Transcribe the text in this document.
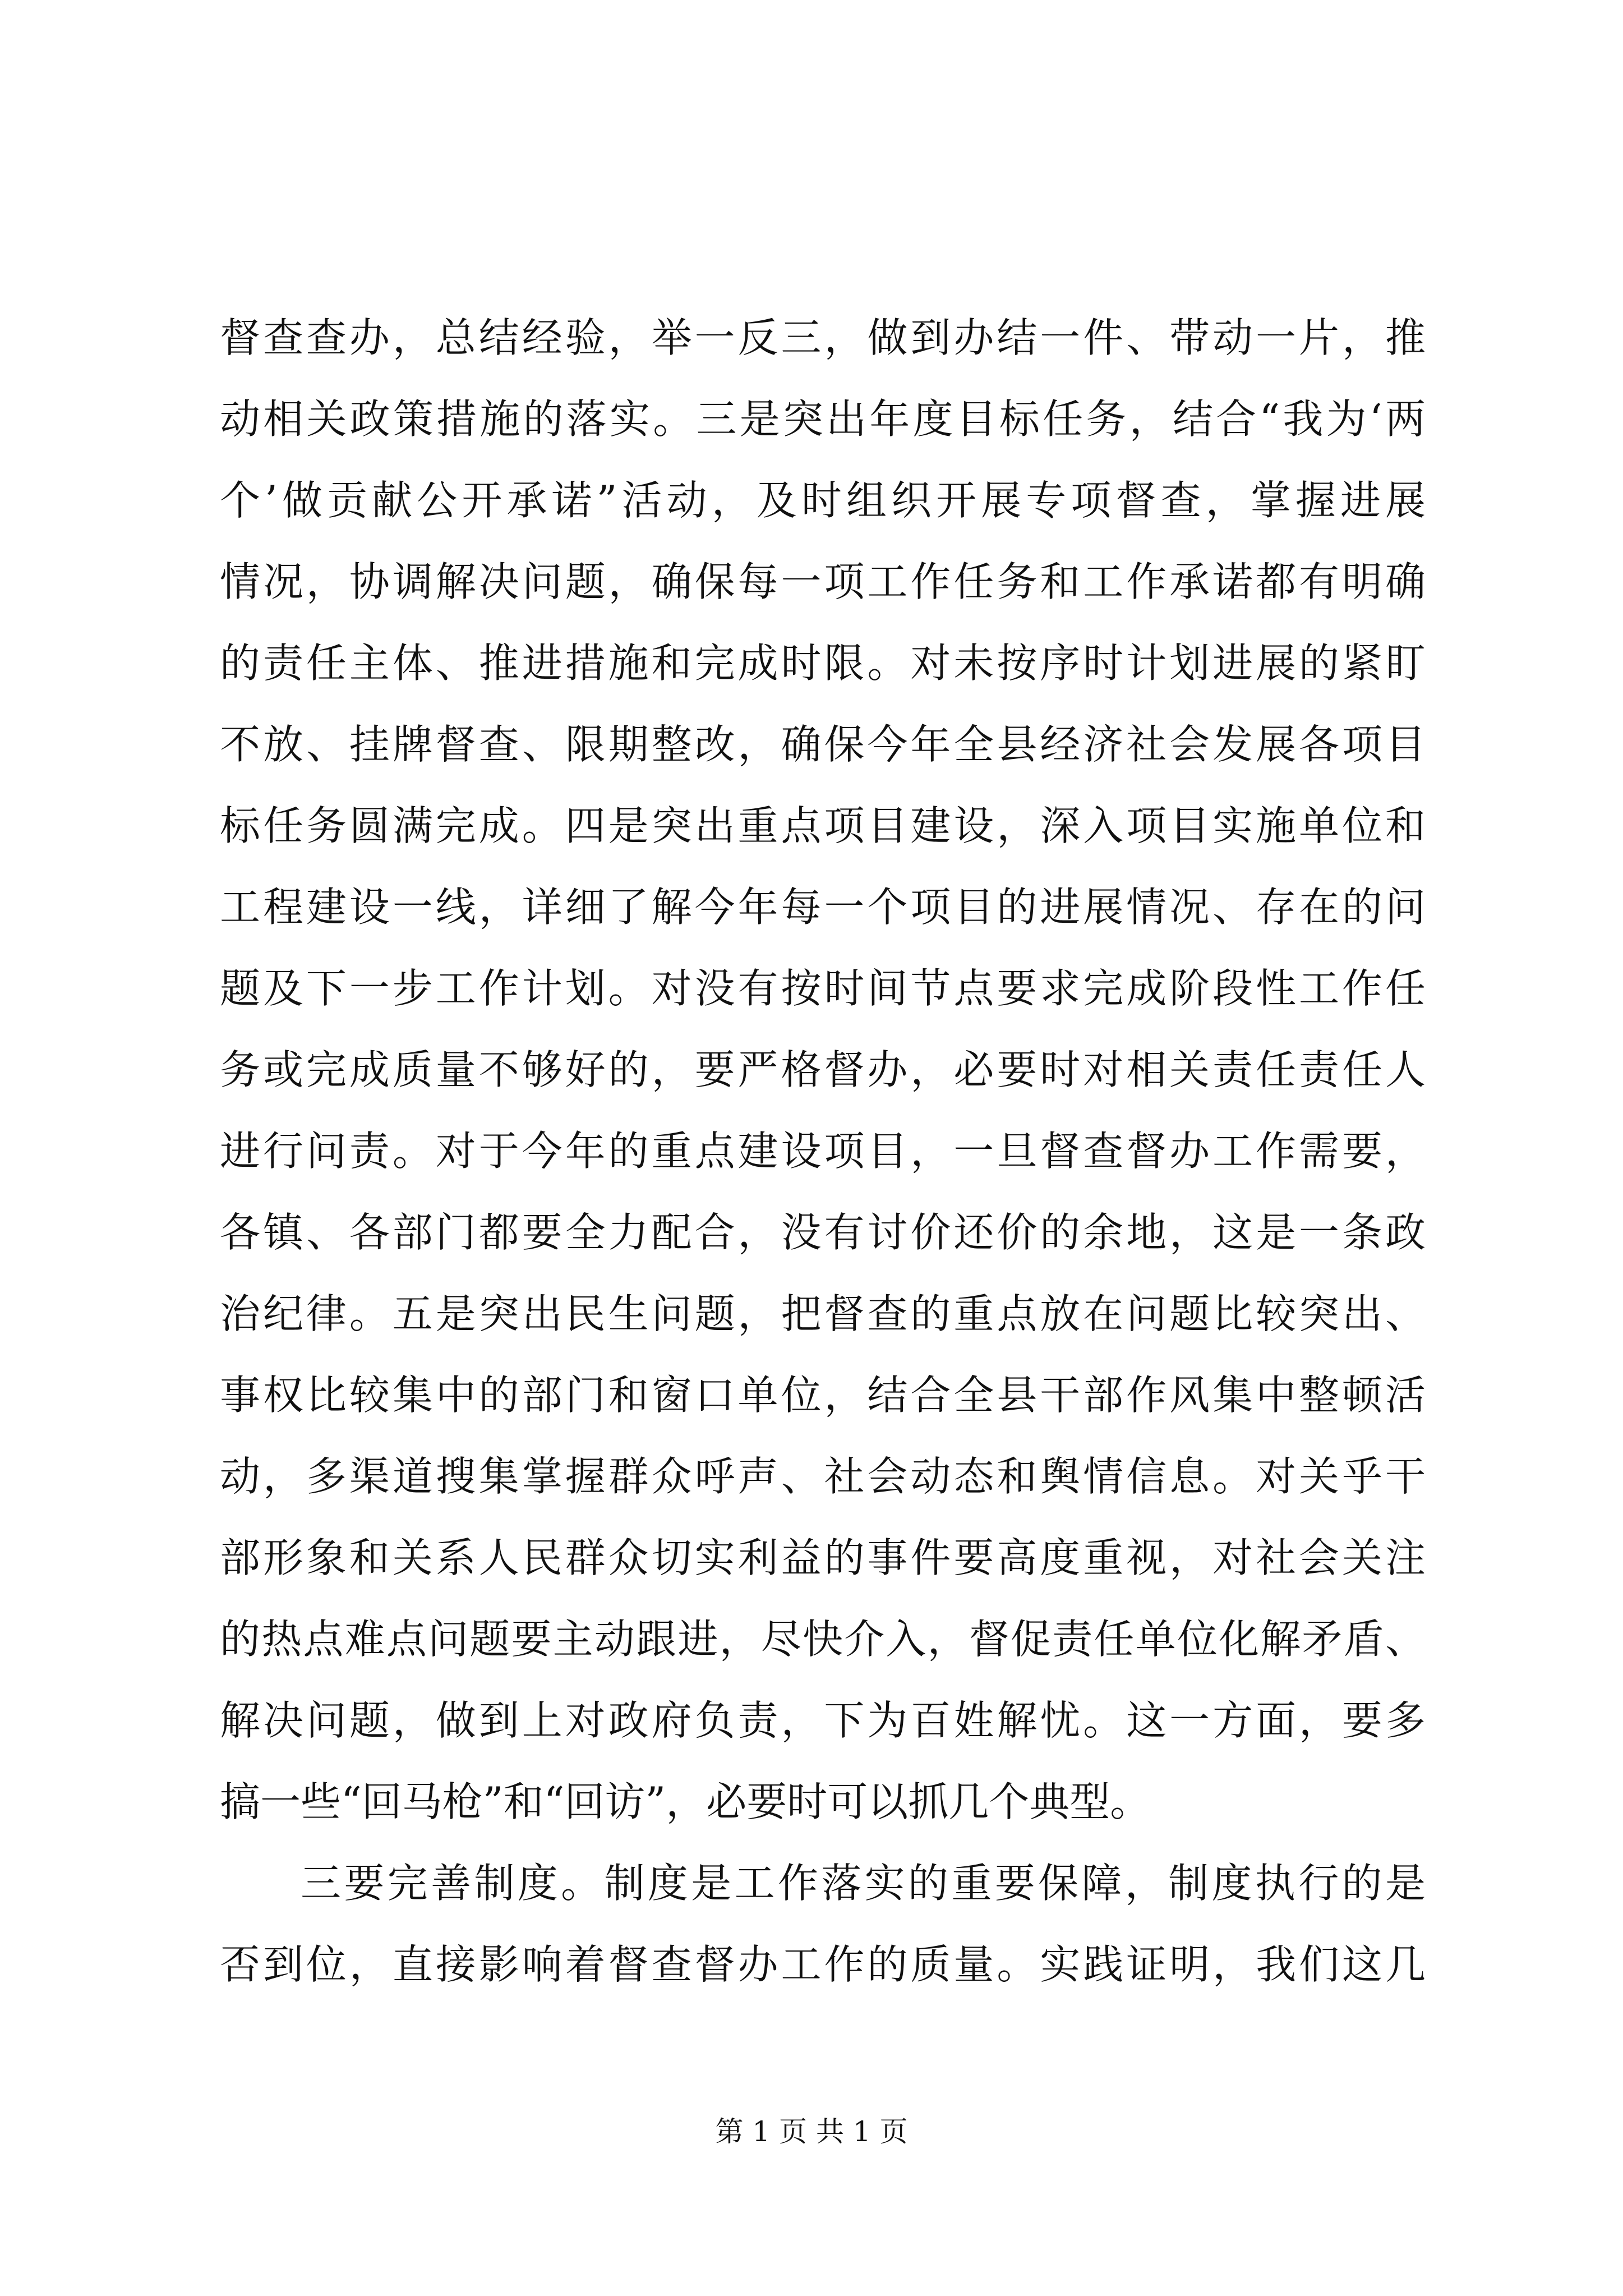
督查查办，总结经验，举一反三，做到办结一件、带动一片，推
动相关政策措施的落实。三是突出年度目标任务，结合“我为‘两
个’做贡献公开承诺”活动，及时组织开展专项督查，掌握进展
情况，协调解决问题，确保每一项工作任务和工作承诺都有明确
的责任主体、推进措施和完成时限。对未按序时计划进展的紧盯
不放、挂牌督查、限期整改，确保今年全县经济社会发展各项目
标任务圆满完成。四是突出重点项目建设，深入项目实施单位和
工程建设一线，详细了解今年每一个项目的进展情况、存在的问
题及下一步工作计划。对没有按时间节点要求完成阶段性工作任
务或完成质量不够好的，要严格督办，必要时对相关责任责任人
进行问责。对于今年的重点建设项目，一旦督查督办工作需要，
各镇、各部门都要全力配合，没有讨价还价的余地，这是一条政
治纪律。五是突出民生问题，把督查的重点放在问题比较突出、
事权比较集中的部门和窗口单位，结合全县干部作风集中整顿活
动，多渠道搜集掌握群众呼声、社会动态和舆情信息。对关乎干
部形象和关系人民群众切实利益的事件要高度重视，对社会关注
的热点难点问题要主动跟进，尽快介入，督促责任单位化解矛盾、
解决问题，做到上对政府负责，下为百姓解忧。这一方面，要多
搞一些“回马枪”和“回访”，必要时可以抓几个典型。
三要完善制度。制度是工作落实的重要保障，制度执行的是
否到位，直接影响着督查督办工作的质量。实践证明，我们这几
第 1 页 共 1 页
